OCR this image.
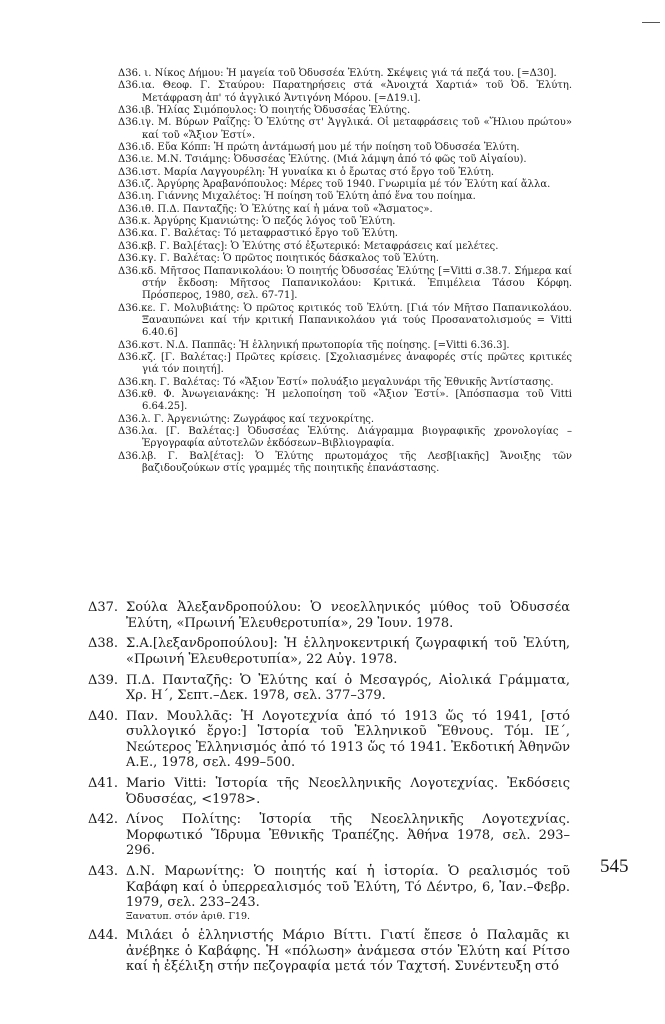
Δ36. ι. Νίκος Δήμου: Ἡ μαγεία τοῦ Ὀδυσσέα Ἐλύτη. Σκέψεις γιά τά πεζά του. [=Δ30].

Δ36.ια. Θεοφ. Γ. Σταύρου: Παρατηρήσεις στά «Ἀνοιχτά Χαρτιά» τοῦ Ὀδ. Ἐλύτη. Μετάφραση ἀπ' τό ἀγγλικό Ἀντιγόνη Μόρου. [=Δ19.ι].

Δ36.ιβ. Ἠλίας Σιμόπουλος: Ὁ ποιητής Ὀδυσσέας Ἐλύτης.

Δ36.ιγ. Μ. Βύρων Ραΐζης: Ὁ Ἐλύτης στ' Ἀγγλικά. Οἱ μεταφράσεις τοῦ «Ἥλιου πρώτου» καί τοῦ «Ἄξιον Ἐστί».

Δ36.ιδ. Εὔα Κόππ: Ἡ πρώτη ἀντάμωσή μου μέ τήν ποίηση τοῦ Ὀδυσσέα Ἐλύτη.

Δ36.ιε. Μ.Ν. Τσιάμης: Ὀδυσσέας Ἐλύτης. (Μιά λάμψη ἀπό τό φῶς τοῦ Αἰγαίου).

Δ36.ιστ. Μαρία Λαγγουρέλη: Ἡ γυναίκα κι ὁ ἔρωτας στό ἔργο τοῦ Ἐλύτη.

Δ36.ιζ. Ἀργύρης Ἀραβανόπουλος: Μέρες τοῦ 1940. Γνωριμία μέ τόν Ἐλύτη καί ἄλλα.

Δ36.ιη. Γιάννης Μιχαλέτος: Ἡ ποίηση τοῦ Ἐλύτη ἀπό ἕνα του ποίημα.

Δ36.ιθ. Π.Δ. Πανταζῆς: Ὁ Ἐλύτης καί ἡ μάνα τοῦ «Ἄσματος».

Δ36.κ. Ἀργύρης Κμανιώτης: Ὁ πεζός λόγος τοῦ Ἐλύτη.

Δ36.κα. Γ. Βαλέτας: Τό μεταφραστικό ἔργο τοῦ Ἐλύτη.

Δ36.κβ. Γ. Βαλ[έτας]: Ὁ Ἐλύτης στό ἐξωτερικό: Μεταφράσεις καί μελέτες.

Δ36.κγ. Γ. Βαλέτας: Ὁ πρῶτος ποιητικός δάσκαλος τοῦ Ἐλύτη.

Δ36.κδ. Μῆτσος Παπανικολάου: Ὁ ποιητής Ὀδυσσέας Ἐλύτης [=Vitti σ.38.7. Σήμερα καί στήν ἔκδοση: Μῆτσος Παπανικολάου: Κριτικά. Ἐπιμέλεια Τάσου Κόρφη. Πρόσπερος, 1980, σελ. 67-71].

Δ36.κε. Γ. Μολυβιάτης: Ὁ πρῶτος κριτικός τοῦ Ἐλύτη. [Γιά τόν Μῆτσο Παπανικολάου. Ξαναυπώνει καί τήν κριτική Παπανικολάου γιά τούς Προσανατολισμούς = Vitti 6.40.6]

Δ36.κστ. Ν.Δ. Παππᾶς: Ἡ ἑλληνική πρωτοπορία τῆς ποίησης. [=Vitti 6.36.3].

Δ36.κζ. [Γ. Βαλέτας:] Πρῶτες κρίσεις. [Σχολιασμένες ἀναφορές στίς πρῶτες κριτικές γιά τόν ποιητή].

Δ36.κη. Γ. Βαλέτας: Τό «Ἄξιον Ἐστί» πολυάξιο μεγαλυνάρι τῆς Ἐθνικῆς Ἀντίστασης.

Δ36.κθ. Φ. Ἀνωγειανάκης: Ἡ μελοποίηση τοῦ «Ἄξιον Ἐστί». [Ἀπόσπασμα τοῦ Vitti 6.64.25].

Δ36.λ. Γ. Ἀργενιώτης: Ζωγράφος καί τεχνοκρίτης.

Δ36.λα. [Γ. Βαλέτας:] Ὀδυσσέας Ἐλύτης. Διάγραμμα βιογραφικῆς χρονολογίας – Ἐργογραφία αὐτοτελῶν ἐκδόσεων–Βιβλιογραφία.

Δ36.λβ. Γ. Βαλ[έτας]: Ὁ Ἐλύτης πρωτομάχος τῆς Λεσβ[ιακῆς] Ἄνοιξης τῶν βαζιδουζούκων στίς γραμμές τῆς ποιητικῆς ἐπανάστασης.

Δ37. Σούλα Ἀλεξανδροπούλου: Ὁ νεοελληνικός μύθος τοῦ Ὀδυσσέα Ἐλύτη, «Πρωινή Ἐλευθεροτυπία», 29 Ἰουν. 1978.
Δ38. Σ.Α.[λεξανδροπούλου]: Ἡ ἑλληνοκεντρική ζωγραφική τοῦ Ἐλύτη, «Πρωινή Ἐλευθεροτυπία», 22 Αὐγ. 1978.
Δ39. Π.Δ. Πανταζῆς: Ὁ Ἐλύτης καί ὁ Μεσαγρός, Αἰολικά Γράμματα, Χρ. Η΄, Σεπτ.–Δεκ. 1978, σελ. 377–379.
Δ40. Παν. Μουλλᾶς: Ἡ Λογοτεχνία ἀπό τό 1913 ὥς τό 1941, [στό συλλογικό ἔργο:] Ἱστορία τοῦ Ἑλληνικοῦ Ἔθνους. Τόμ. ΙΕ΄, Νεώτερος Ἑλληνισμός ἀπό τό 1913 ὥς τό 1941. Ἐκδοτική Ἀθηνῶν Α.Ε., 1978, σελ. 499–500.
Δ41. Mario Vitti: Ἱστορία τῆς Νεοελληνικῆς Λογοτεχνίας. Ἐκδόσεις Ὀδυσσέας, <1978>.
Δ42. Λίνος Πολίτης: Ἱστορία τῆς Νεοελληνικῆς Λογοτεχνίας. Μορφωτικό Ἵδρυμα Ἐθνικῆς Τραπέζης. Ἀθήνα 1978, σελ. 293–296.
Δ43. Δ.Ν. Μαρωνίτης: Ὁ ποιητής καί ἡ ἱστορία. Ὁ ρεαλισμός τοῦ Καβάφη καί ὁ ὑπερρεαλισμός τοῦ Ἐλύτη, Τό Δέντρο, 6, Ἰαν.–Φεβρ. 1979, σελ. 233–243.
Ξανατυπ. στόν ἀριθ. Γ19.
Δ44. Μιλάει ὁ ἑλληνιστής Μάριο Βίττι. Γιατί ἔπεσε ὁ Παλαμᾶς κι ἀνέβηκε ὁ Καβάφης. Ἡ «πόλωση» ἀνάμεσα στόν Ἐλύτη καί Ρίτσο καί ἡ ἐξέλιξη στήν πεζογραφία μετά τόν Ταχτσή. Συνέντευξη στό
545
